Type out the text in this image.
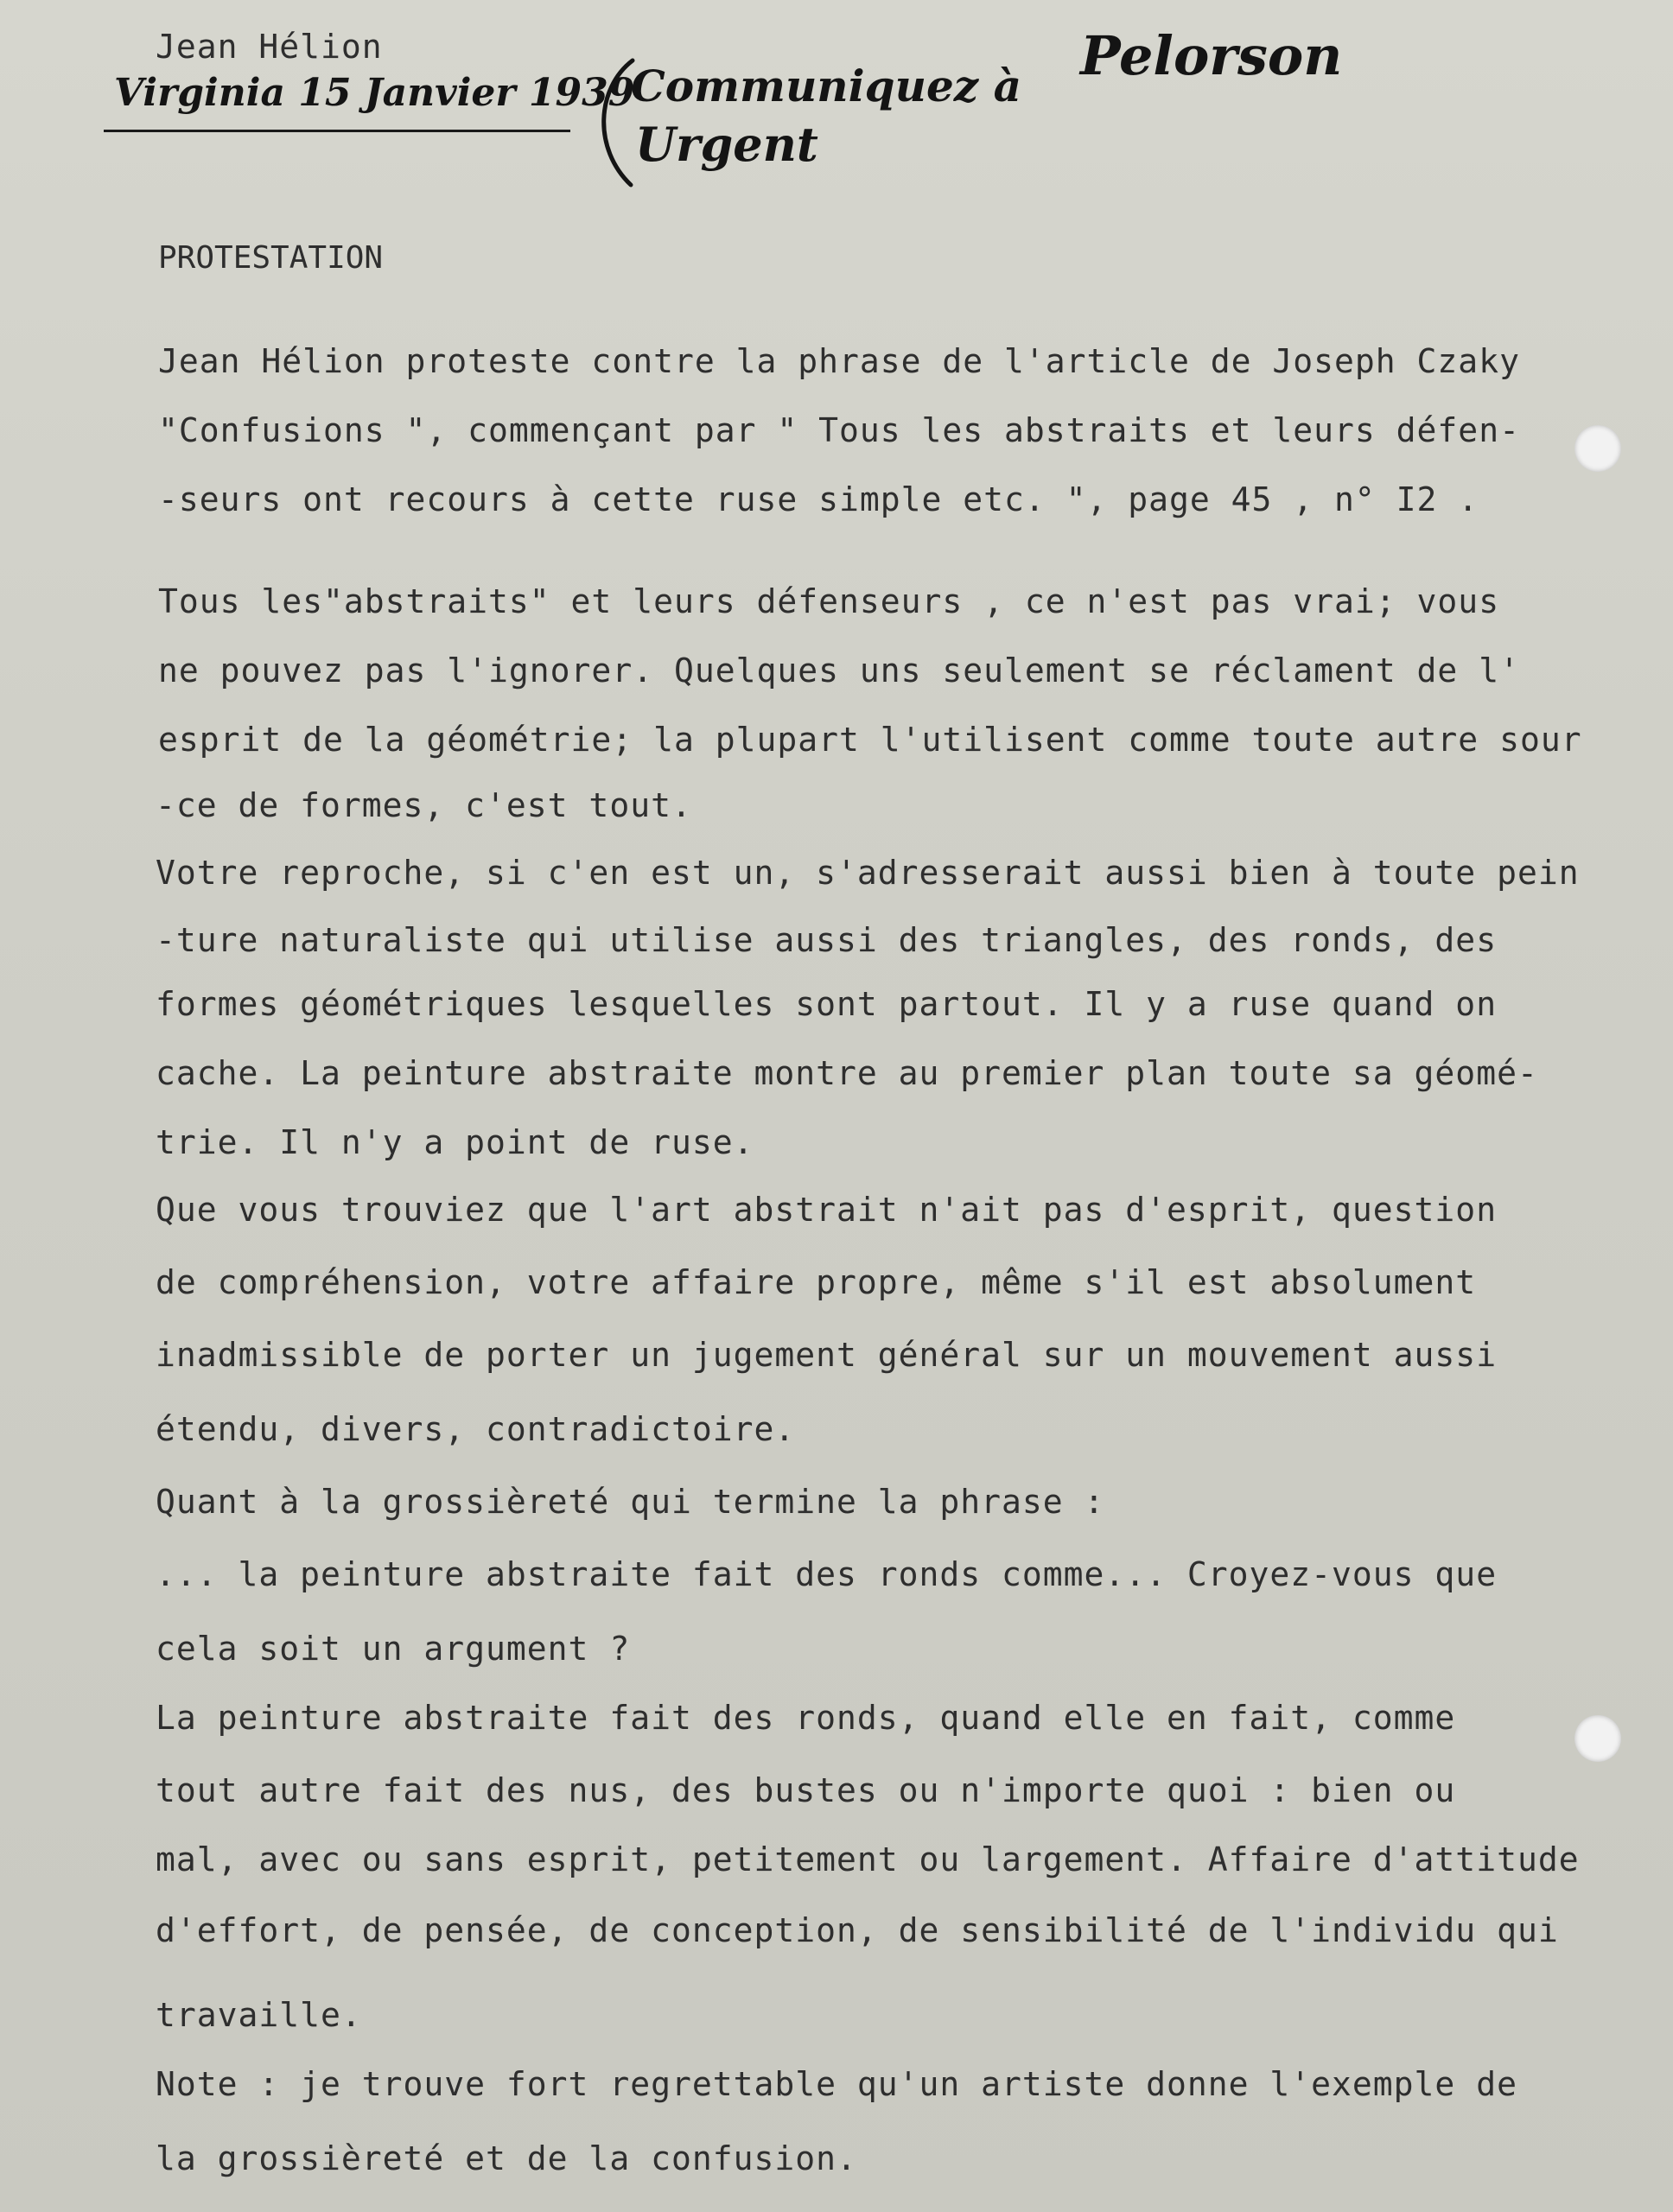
Jean Hélion
Virginia 15 Janvier 1939
Communiquez à Pelorson
Urgent
PROTESTATION
Jean Hélion proteste contre la phrase de l'article de Joseph Czaky
"Confusions ", commençant par " Tous les abstraits et leurs défen-
-seurs ont recours à cette ruse simple etc. ", page 45 , n° I2 .
Tous les"abstraits" et leurs défenseurs , ce n'est pas vrai; vous
ne pouvez pas l'ignorer. Quelques uns seulement se réclament de l'
esprit de la géométrie; la plupart l'utilisent comme toute autre sour
-ce de formes, c'est tout.
Votre reproche, si c'en est un, s'adresserait aussi bien à toute pein
-ture naturaliste qui utilise aussi des triangles, des ronds, des
formes géométriques lesquelles sont partout. Il y a ruse quand on
cache. La peinture abstraite montre au premier plan toute sa géomé-
trie. Il n'y a point de ruse.
Que vous trouviez que l'art abstrait n'ait pas d'esprit, question
de compréhension, votre affaire propre, même s'il est absolument
inadmissible de porter un jugement général sur un mouvement aussi
étendu, divers, contradictoire.
Quant à la grossièreté qui termine la phrase :
... la peinture abstraite fait des ronds comme... Croyez-vous que
cela soit un argument ?
La peinture abstraite fait des ronds, quand elle en fait, comme
tout autre fait des nus, des bustes ou n'importe quoi : bien ou
mal, avec ou sans esprit, petitement ou largement. Affaire d'attitude
d'effort, de pensée, de conception, de sensibilité de l'individu qui
travaille.
Note : je trouve fort regrettable qu'un artiste donne l'exemple de
la grossièreté et de la confusion.
